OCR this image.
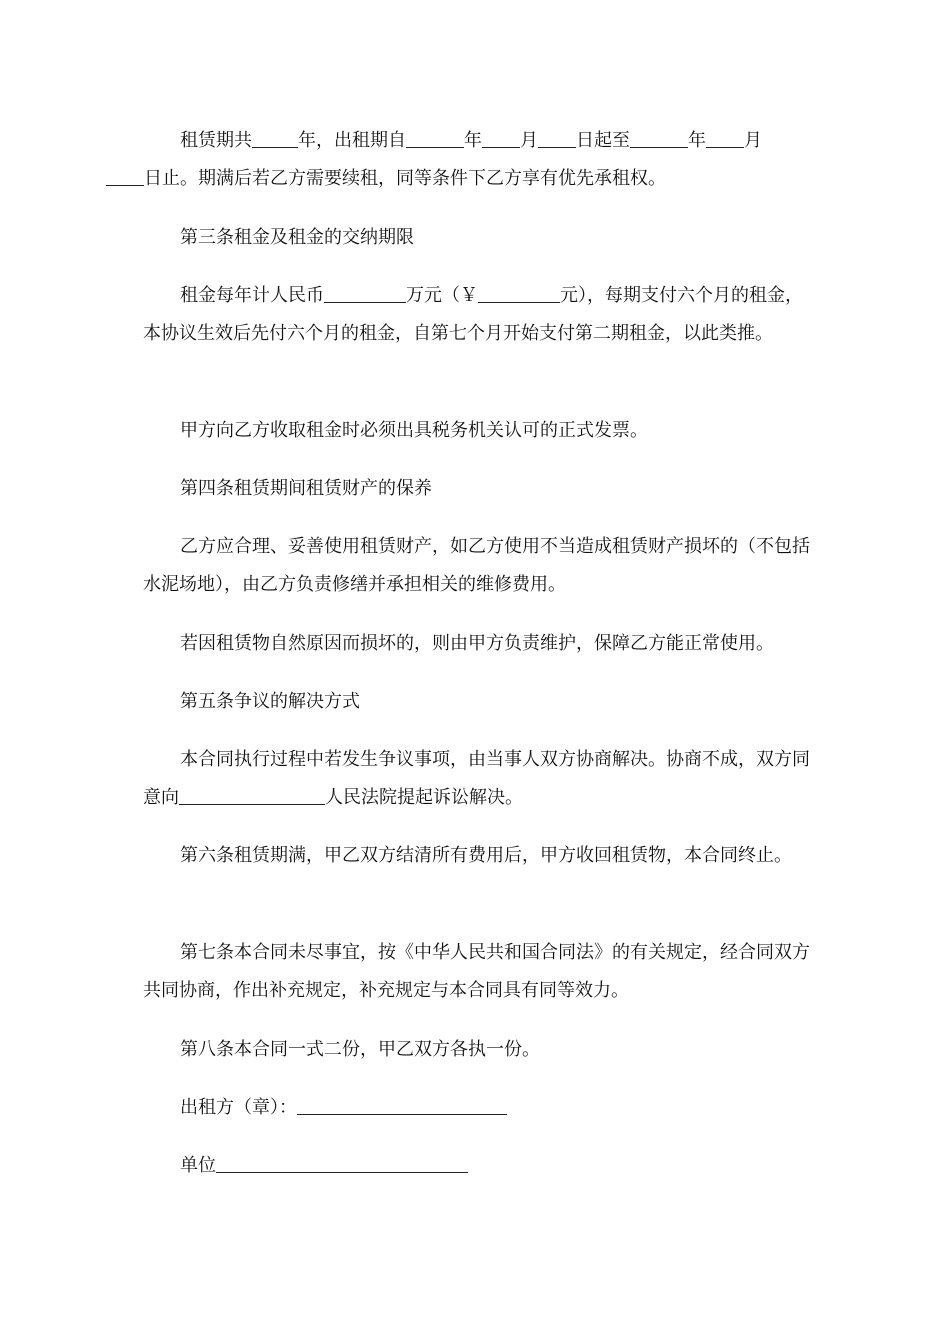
租赁期共	年，出租期自	年 月 日起至	年 月
日止。期满后若乙方需要续租，同等条件下乙方享有优先承租权。

第三条租金及租金的交纳期限

租金每年计人民币	万元（￥	元），每期支付六个月的租金，本协议生效后先付六个月的租金，自第七个月开始支付第二期租金，以此类推。

甲方向乙方收取租金时必须出具税务机关认可的正式发票。

第四条租赁期间租赁财产的保养

乙方应合理、妥善使用租赁财产，如乙方使用不当造成租赁财产损坏的（不包括水泥场地），由乙方负责修缮并承担相关的维修费用。

若因租赁物自然原因而损坏的，则由甲方负责维护，保障乙方能正常使用。

第五条争议的解决方式

本合同执行过程中若发生争议事项，由当事人双方协商解决。协商不成，双方同意向	人民法院提起诉讼解决。

第六条租赁期满，甲乙双方结清所有费用后，甲方收回租赁物，本合同终止。

第七条本合同未尽事宜，按《中华人民共和国合同法》的有关规定，经合同双方共同协商，作出补充规定，补充规定与本合同具有同等效力。

第八条本合同一式二份，甲乙双方各执一份。

出租方（章）：

单位
